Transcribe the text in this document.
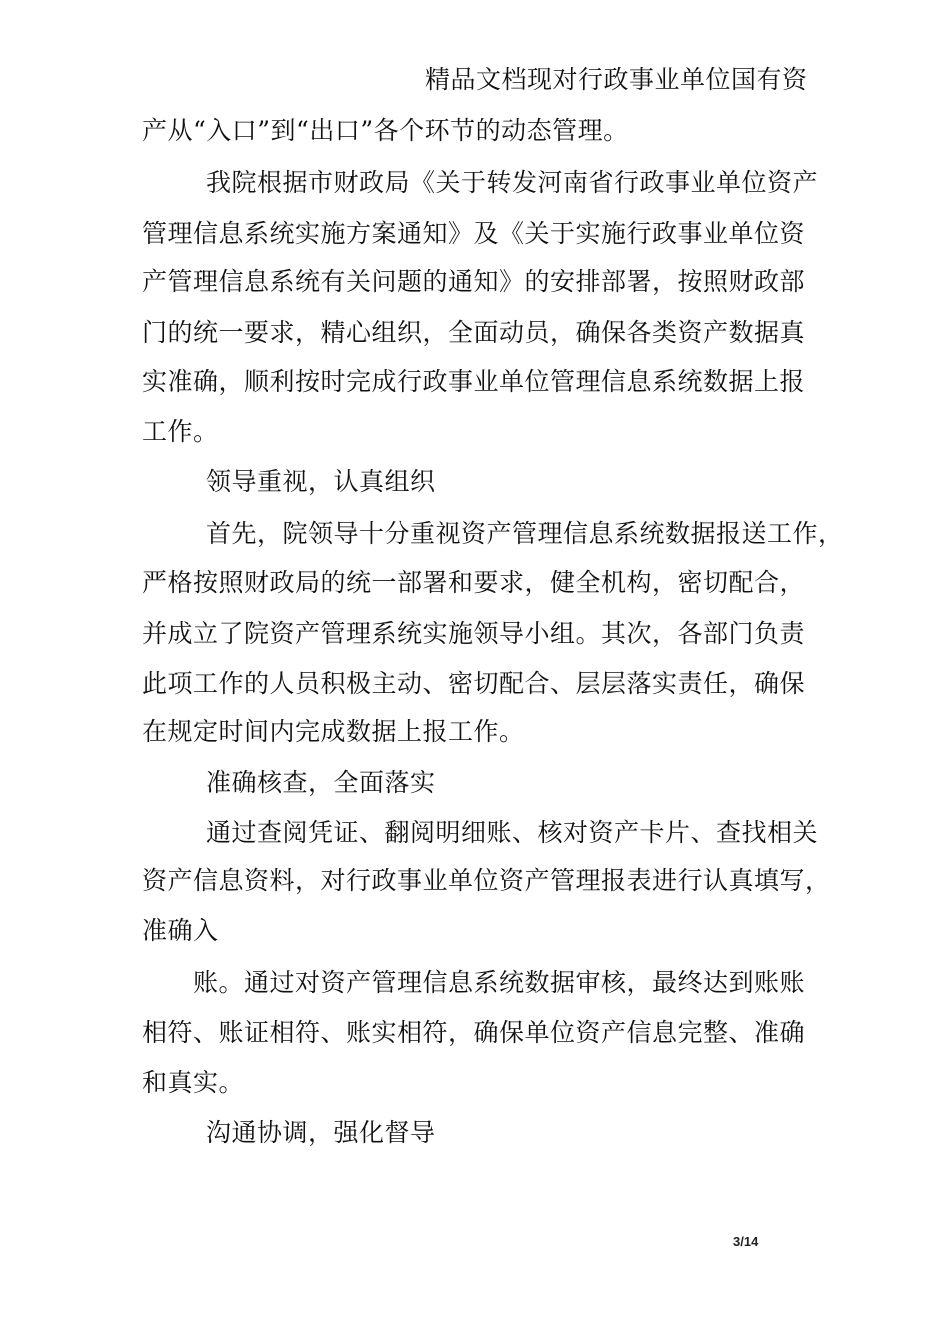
精品文档现对行政事业单位国有资
产从“入口”到“出口”各个环节的动态管理。
我院根据市财政局《关于转发河南省行政事业单位资产
管理信息系统实施方案通知》及《关于实施行政事业单位资
产管理信息系统有关问题的通知》的安排部署，按照财政部
门的统一要求，精心组织，全面动员，确保各类资产数据真
实准确，顺利按时完成行政事业单位管理信息系统数据上报
工作。
领导重视，认真组织
首先，院领导十分重视资产管理信息系统数据报送工作，
严格按照财政局的统一部署和要求，健全机构，密切配合，
并成立了院资产管理系统实施领导小组。其次，各部门负责
此项工作的人员积极主动、密切配合、层层落实责任，确保
在规定时间内完成数据上报工作。
准确核查，全面落实
通过查阅凭证、翻阅明细账、核对资产卡片、查找相关
资产信息资料，对行政事业单位资产管理报表进行认真填写，
准确入
账。通过对资产管理信息系统数据审核，最终达到账账
相符、账证相符、账实相符，确保单位资产信息完整、准确
和真实。
沟通协调，强化督导
3/14
